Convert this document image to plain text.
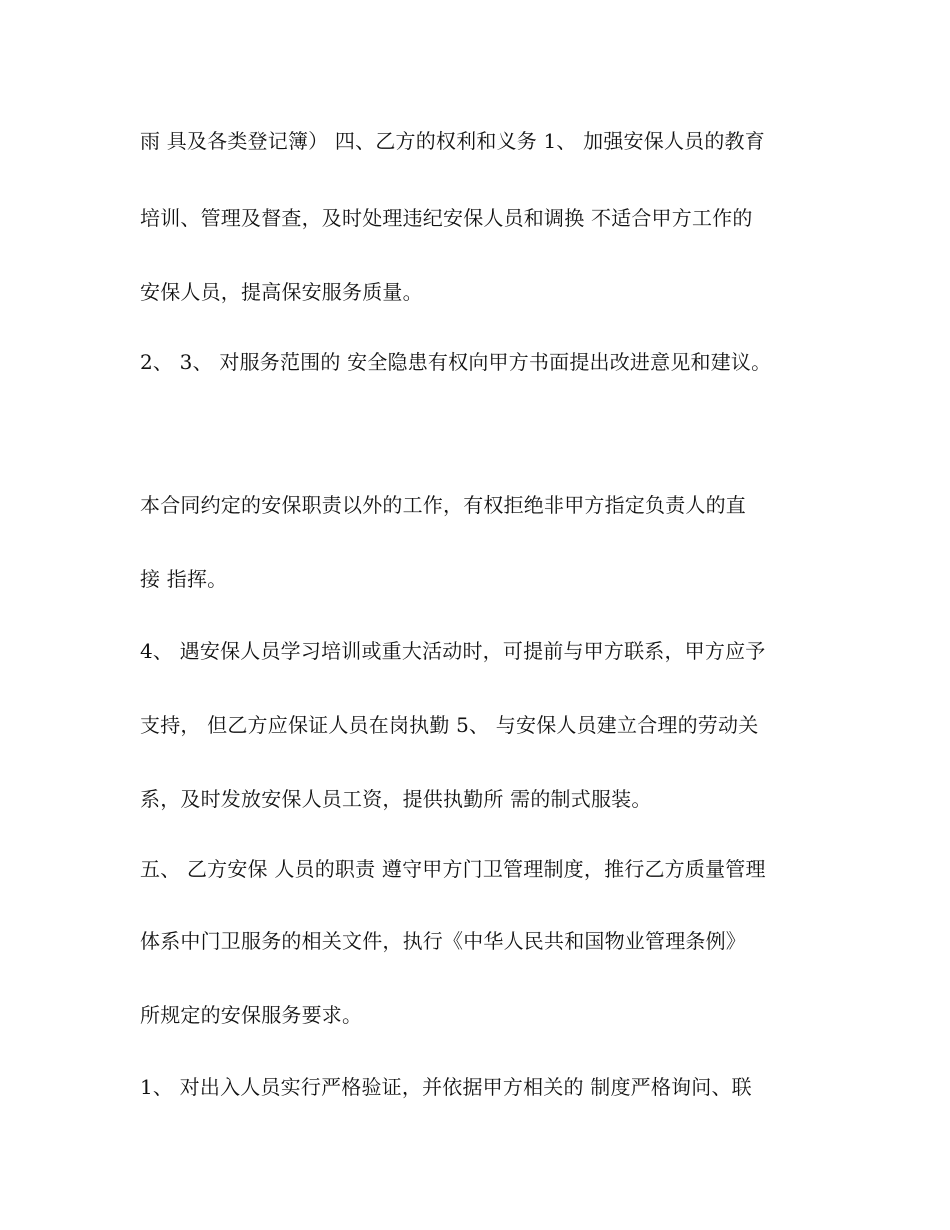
雨 具及各类登记簿） 四、乙方的权利和义务 1、 加强安保人员的教育
培训、管理及督查，及时处理违纪安保人员和调换 不适合甲方工作的
安保人员，提高保安服务质量。
2、 3、 对服务范围的 安全隐患有权向甲方书面提出改进意见和建议。
本合同约定的安保职责以外的工作，有权拒绝非甲方指定负责人的直
接 指挥。
4、 遇安保人员学习培训或重大活动时，可提前与甲方联系，甲方应予
支持， 但乙方应保证人员在岗执勤 5、 与安保人员建立合理的劳动关
系，及时发放安保人员工资，提供执勤所 需的制式服装。
五、 乙方安保 人员的职责 遵守甲方门卫管理制度，推行乙方质量管理
体系中门卫服务的相关文件，执行《中华人民共和国物业管理条例》
所规定的安保服务要求。
1、 对出入人员实行严格验证，并依据甲方相关的 制度严格询问、联
